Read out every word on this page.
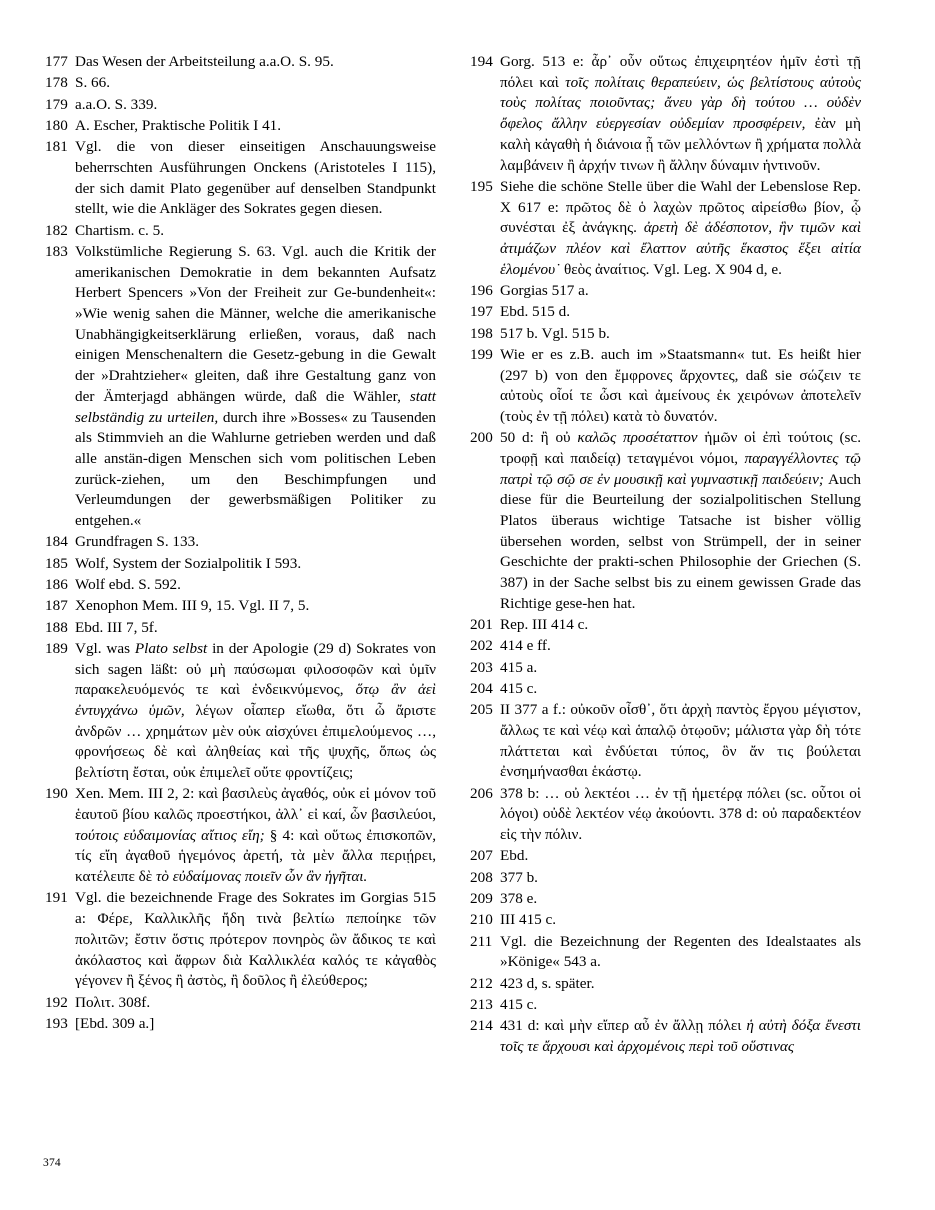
177 Das Wesen der Arbeitsteilung a.a.O. S. 95.
178 S. 66.
179 a.a.O. S. 339.
180 A. Escher, Praktische Politik I 41.
181 Vgl. die von dieser einseitigen Anschauungsweise beherrschten Ausführungen Onckens (Aristoteles I 115), der sich damit Plato gegenüber auf denselben Standpunkt stellt, wie die Ankläger des Sokrates gegen diesen.
182 Chartism. c. 5.
183 Volkstümliche Regierung S. 63. Vgl. auch die Kritik der amerikanischen Demokratie in dem bekannten Aufsatz Herbert Spencers »Von der Freiheit zur Ge-bundenheit«: »Wie wenig sahen die Männer, welche die amerikanische Unabhängigkeitserklärung erließen, voraus, daß nach einigen Menschenaltern die Gesetz-gebung in die Gewalt der »Drahtzieher« gleiten, daß ihre Gestaltung ganz von der Ämterjagd abhängen würde, daß die Wähler, statt selbständig zu urteilen, durch ihre »Bosses« zu Tausenden als Stimmvieh an die Wahlurne getrieben werden und daß alle anstän-digen Menschen sich vom politischen Leben zurück-ziehen, um den Beschimpfungen und Verleumdungen der gewerbsmäßigen Politiker zu entgehen.«
184 Grundfragen S. 133.
185 Wolf, System der Sozialpolitik I 593.
186 Wolf ebd. S. 592.
187 Xenophon Mem. III 9, 15. Vgl. II 7, 5.
188 Ebd. III 7, 5f.
189 Vgl. was Plato selbst in der Apologie (29 d) Sokrates von sich sagen läßt: οὐ μὴ παύσωμαι φιλοσοφῶν καὶ ὑμῖν παρακελευόμενός τε καὶ ἐνδεικνύμενος, ὅτῳ ἂν ἀεὶ ἐντυγχάνω ὑμῶν, λέγων οἷαπερ εἴωθα, ὅτι ὦ ἄριστε ἀνδρῶν … χρημάτων μὲν οὐκ αἰσχύνει ἐπιμελούμενος …, φρονήσεως δὲ καὶ ἀληθείας καὶ τῆς ψυχῆς, ὅπως ὡς βελτίστη ἔσται, οὐκ ἐπιμελεῖ οὔτε φροντίζεις;
190 Xen. Mem. III 2, 2: καὶ βασιλεὺς ἀγαθός, οὐκ εἰ μόνον τοῦ ἑαυτοῦ βίου καλῶς προεστήκοι, ἀλλ᾽ εἰ καί, ὧν βασιλεύοι, τούτοις εὐδαιμονίας αἴτιος εἴη; § 4: καὶ οὕτως ἐπισκοπῶν, τίς εἴη ἀγαθοῦ ἡγεμόνος ἀρετή, τὰ μὲν ἄλλα περιῄρει, κατέλειπε δὲ τὸ εὐδαίμονας ποιεῖν ὧν ἂν ἡγῆται.
191 Vgl. die bezeichnende Frage des Sokrates im Gorgias 515 a: Φέρε, Καλλικλῆς ἤδη τινὰ βελτίω πεποίηκε τῶν πολιτῶν; ἔστιν ὅστις πρότερον πονηρὸς ὢν ἄδικος τε καὶ ἀκόλαστος καὶ ἄφρων διὰ Καλλικλέα καλός τε κἀγαθὸς γέγονεν ἢ ξένος ἢ ἀστὸς, ἢ δοῦλος ἢ ἐλεύθερος;
192 Πολιτ. 308f.
193 [Ebd. 309 a.]
194 Gorg. 513 e: ἆρ᾽ οὖν οὕτως ἐπιχειρητέον ἡμῖν ἐστὶ τῇ πόλει καὶ τοῖς πολίταις θεραπεύειν, ὡς βελτίστους αὐτοὺς τοὺς πολίτας ποιοῦντας; ἄνευ γὰρ δὴ τούτου … οὐδὲν ὄφελος ἄλλην εὐεργεσίαν οὐδεμίαν προσφέρειν, ἐὰν μὴ καλὴ κἀγαθὴ ἡ διάνοια ᾖ τῶν μελλόντων ἢ χρήματα πολλὰ λαμβάνειν ἢ ἀρχήν τινων ἢ ἄλλην δύναμιν ἡντινοῦν.
195 Siehe die schöne Stelle über die Wahl der Lebenslose Rep. X 617 e: πρῶτος δὲ ὁ λαχὼν πρῶτος αἱρείσθω βίον, ᾧ συνέσται ἐξ ἀνάγκης. ἀρετὴ δὲ ἀδέσποτον, ἣν τιμῶν καὶ ἀτιμάζων πλέον καὶ ἔλαττον αὐτῆς ἕκαστος ἕξει αἰτία ἑλομένου˙ θεὸς ἀναίτιος. Vgl. Leg. X 904 d, e.
196 Gorgias 517 a.
197 Ebd. 515 d.
198 517 b. Vgl. 515 b.
199 Wie er es z.B. auch im »Staatsmann« tut. Es heißt hier (297 b) von den ἔμφρονες ἄρχοντες, daß sie σώζειν τε αὐτοὺς οἷοί τε ὦσι καὶ ἀμείνους ἐκ χειρόνων ἀποτελεῖν (τοὺς ἐν τῇ πόλει) κατὰ τὸ δυνατόν.
200 50 d: ἢ οὐ καλῶς προσέταττον ἡμῶν οἱ ἐπὶ τούτοις (sc. τροφῇ καὶ παιδείᾳ) τεταγμένοι νόμοι, παραγγέλλοντες τῷ πατρὶ τῷ σῷ σε ἐν μουσικῇ καὶ γυμναστικῇ παιδεύειν; Auch diese für die Beurteilung der sozialpolitischen Stellung Platos überaus wichtige Tatsache ist bisher völlig übersehen worden, selbst von Strümpell, der in seiner Geschichte der prakti-schen Philosophie der Griechen (S. 387) in der Sache selbst bis zu einem gewissen Grade das Richtige gese-hen hat.
201 Rep. III 414 c.
202 414 e ff.
203 415 a.
204 415 c.
205 II 377 a f.: οὐκοῦν οἶσθ᾽, ὅτι ἀρχὴ παντὸς ἔργου μέγιστον, ἄλλως τε καὶ νέῳ καὶ ἁπαλῷ ὁτῳοῦν; μάλιστα γὰρ δὴ τότε πλάττεται καὶ ἐνδύεται τύπος, ὃν ἄν τις βούλεται ἐνσημήνασθαι ἑκάστῳ.
206 378 b: … οὐ λεκτέοι … ἐν τῇ ἡμετέρᾳ πόλει (sc. οὗτοι οἱ λόγοι) οὐδὲ λεκτέον νέῳ ἀκούοντι. 378 d: οὐ παραδεκτέον εἰς τὴν πόλιν.
207 Ebd.
208 377 b.
209 378 e.
210 III 415 c.
211 Vgl. die Bezeichnung der Regenten des Idealstaates als »Könige« 543 a.
212 423 d, s. später.
213 415 c.
214 431 d: καὶ μὴν εἴπερ αὖ ἐν ἄλλῃ πόλει ἡ αὐτὴ δόξα ἔνεστι τοῖς τε ἄρχουσι καὶ ἀρχομένοις περὶ τοῦ οὕστινας
374
